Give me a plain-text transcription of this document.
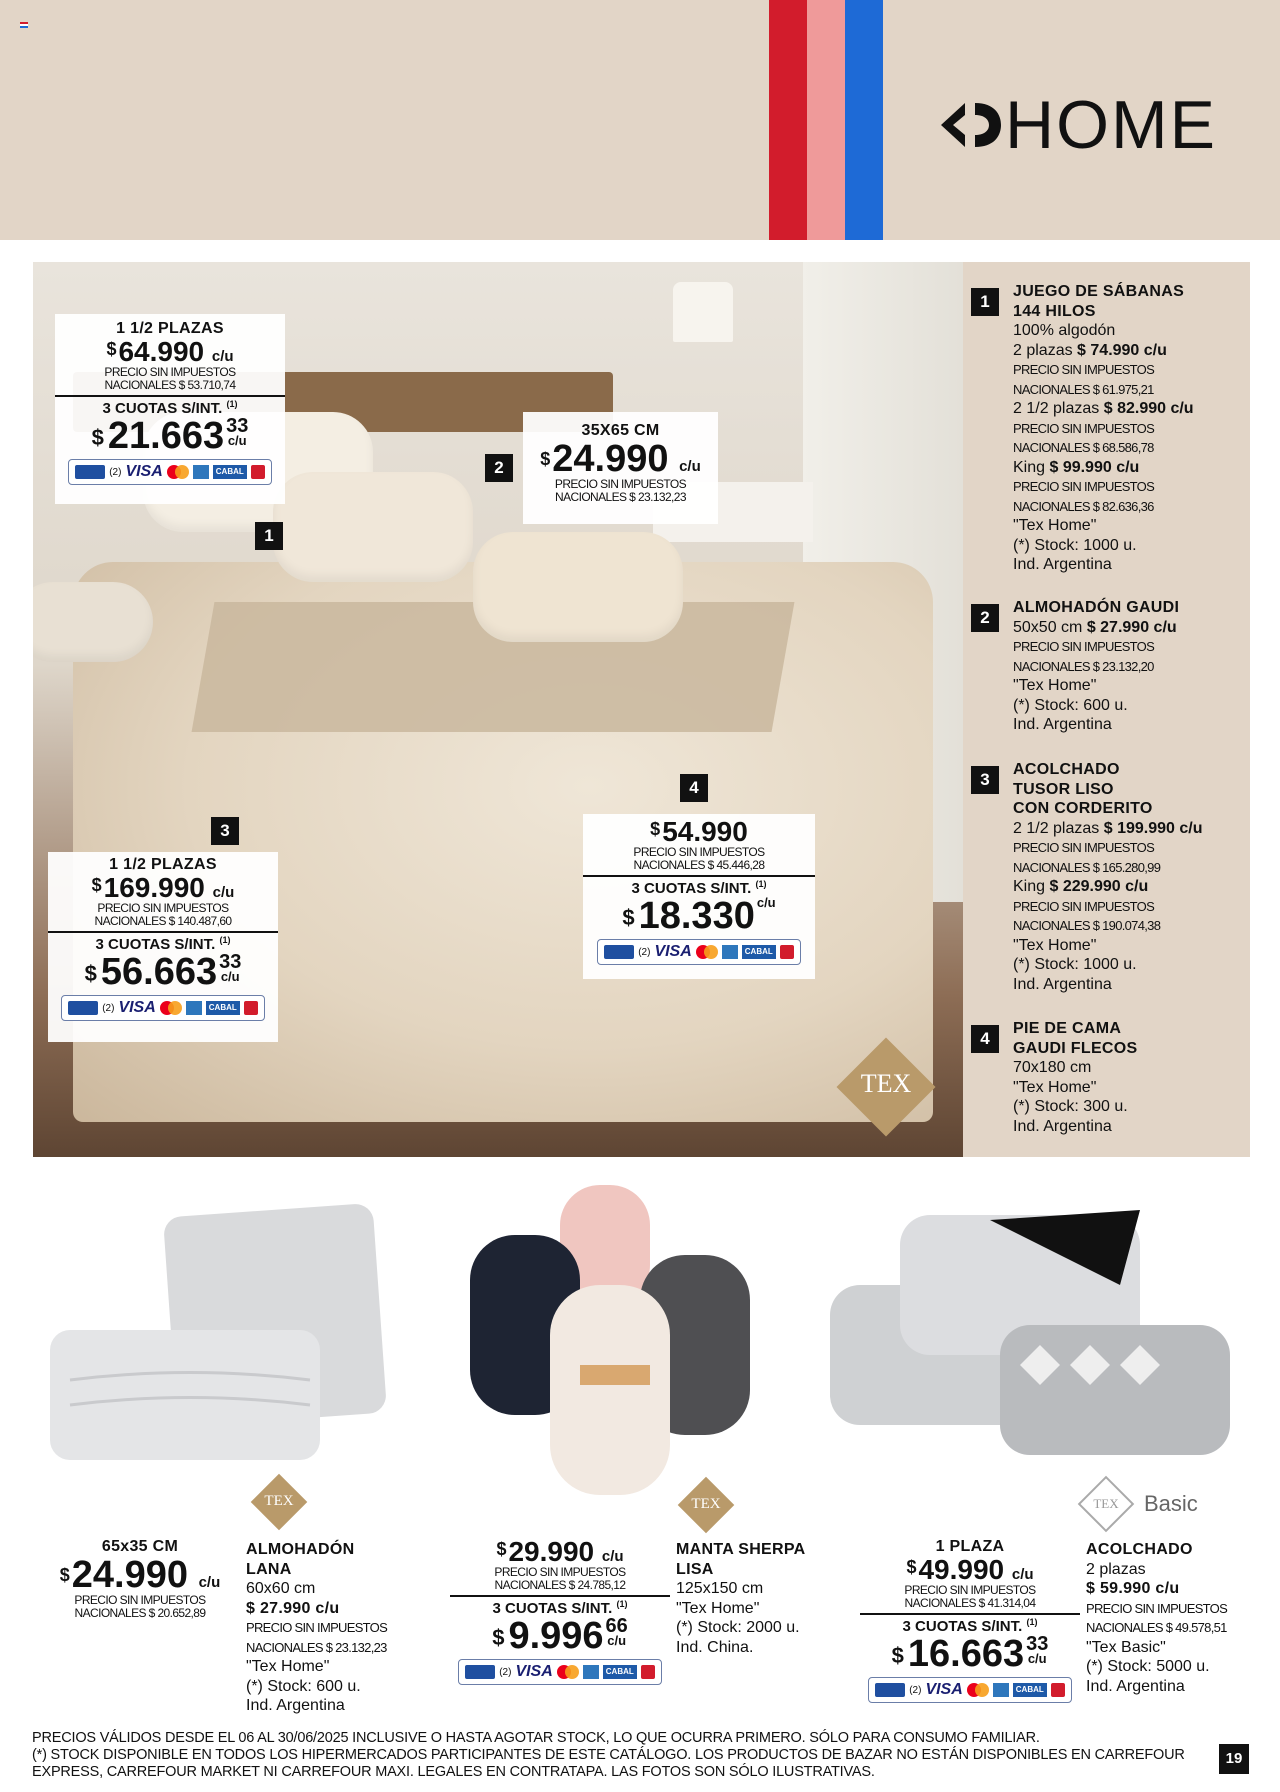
HOME
1 1/2 PLAZAS
$64.990 c/u
PRECIO SIN IMPUESTOS
NACIONALES $ 53.710,74
3 CUOTAS S/INT. $^{(1)}$
$ 21.663 33
c/u
(2) VISA	CABAL
35X65 CM
$24.990 c/u
PRECIO SIN IMPUESTOS
NACIONALES $ 23.132,23
1 1/2 PLAZAS
$169.990 c/u
PRECIO SIN IMPUESTOS
NACIONALES $ 140.487,60
3 CUOTAS S/INT. $^{(1)}$
$ 56.663 33
c/u
(2) VISA	CABAL
$54.990
PRECIO SIN IMPUESTOS
NACIONALES $ 45.446,28
3 CUOTAS S/INT. $^{(1)}$
$ 18.330 c/u
(2) VISA	CABAL
1
2
3
4
TEX
1
JUEGO DE SÁBANAS
144 HILOS
100% algodón
2 plazas $ 74.990 c/u
PRECIO SIN IMPUESTOS
NACIONALES $ 61.975,21
2 1/2 plazas $ 82.990 c/u
PRECIO SIN IMPUESTOS
NACIONALES $ 68.586,78
King $ 99.990 c/u
PRECIO SIN IMPUESTOS
NACIONALES $ 82.636,36
"Tex Home"
(*) Stock: 1000 u.
Ind. Argentina
2
ALMOHADÓN GAUDI
50x50 cm $ 27.990 c/u
PRECIO SIN IMPUESTOS
NACIONALES $ 23.132,20
"Tex Home"
(*) Stock: 600 u.
Ind. Argentina
3
ACOLCHADO
TUSOR LISO
CON CORDERITO
2 1/2 plazas $ 199.990 c/u
PRECIO SIN IMPUESTOS
NACIONALES $ 165.280,99
King $ 229.990 c/u
PRECIO SIN IMPUESTOS
NACIONALES $ 190.074,38
"Tex Home"
(*) Stock: 1000 u.
Ind. Argentina
4
PIE DE CAMA
GAUDI FLECOS
70x180 cm
"Tex Home"
(*) Stock: 300 u.
Ind. Argentina
TEX	TEX	TEX Basic
65x35 CM
$24.990 c/u
PRECIO SIN IMPUESTOS
NACIONALES $ 20.652,89
ALMOHADÓN
LANA
60x60 cm
$ 27.990 c/u
PRECIO SIN IMPUESTOS
NACIONALES $ 23.132,23
"Tex Home"
(*) Stock: 600 u.
Ind. Argentina
$29.990 c/u
PRECIO SIN IMPUESTOS
NACIONALES $ 24.785,12
3 CUOTAS S/INT. $^{(1)}$
$ 9.996 66
c/u
(2) VISA	CABAL
MANTA SHERPA
LISA
125x150 cm
"Tex Home"
(*) Stock: 2000 u.
Ind. China.
1 PLAZA
$49.990 c/u
PRECIO SIN IMPUESTOS
NACIONALES $ 41.314,04
3 CUOTAS S/INT. $^{(1)}$
$ 16.663 33
c/u
(2) VISA	CABAL
ACOLCHADO
2 plazas
$ 59.990 c/u
PRECIO SIN IMPUESTOS
NACIONALES $ 49.578,51
"Tex Basic"
(*) Stock: 5000 u.
Ind. Argentina
PRECIOS VÁLIDOS DESDE EL 06 AL 30/06/2025 INCLUSIVE O HASTA AGOTAR STOCK, LO QUE OCURRA PRIMERO. SÓLO PARA CONSUMO FAMILIAR.
(*) STOCK DISPONIBLE EN TODOS LOS HIPERMERCADOS PARTICIPANTES DE ESTE CATÁLOGO. LOS PRODUCTOS DE BAZAR NO ESTÁN DISPONIBLES EN CARREFOUR
EXPRESS, CARREFOUR MARKET NI CARREFOUR MAXI. LEGALES EN CONTRATAPA. LAS FOTOS SON SÓLO ILUSTRATIVAS.
19
